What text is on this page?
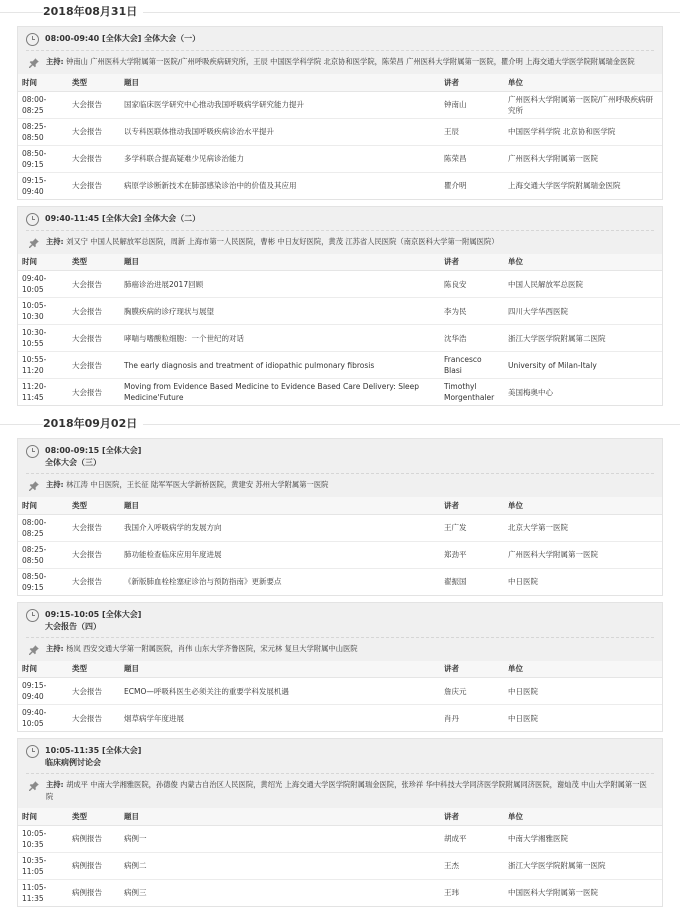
2018年08月31日
08:00-09:40 [全体大会] 全体大会（一）
主持: 钟南山 广州医科大学附属第一医院/广州呼吸疾病研究所，王辰 中国医学科学院 北京协和医学院，陈荣昌 广州医科大学附属第一医院，瞿介明 上海交通大学医学院附属瑞金医院
时间	类型	题目	讲者	单位
08:00-08:25	大会报告	国家临床医学研究中心推动我国呼吸病学研究能力提升	钟南山	广州医科大学附属第一医院/广州呼吸疾病研究所
08:25-08:50	大会报告	以专科医联体推动我国呼吸疾病诊治水平提升	王辰	中国医学科学院 北京协和医学院
08:50-09:15	大会报告	多学科联合提高疑难少见病诊治能力	陈荣昌	广州医科大学附属第一医院
09:15-09:40	大会报告	病原学诊断新技术在肺部感染诊治中的价值及其应用	瞿介明	上海交通大学医学院附属瑞金医院
09:40-11:45 [全体大会] 全体大会（二）
主持: 刘又宁 中国人民解放军总医院，周新 上海市第一人民医院，曹彬 中日友好医院，黄茂 江苏省人民医院（南京医科大学第一附属医院）
时间	类型	题目	讲者	单位
09:40-10:05	大会报告	肺癌诊治进展2017回顾	陈良安	中国人民解放军总医院
10:05-10:30	大会报告	胸膜疾病的诊疗现状与展望	李为民	四川大学华西医院
10:30-10:55	大会报告	哮喘与嗜酸粒细胞：一个世纪的对话	沈华浩	浙江大学医学院附属第二医院
10:55-11:20	大会报告	The early diagnosis and treatment of idiopathic pulmonary fibrosis	Francesco Blasi	University of Milan-Italy
11:20-11:45	大会报告	Moving from Evidence Based Medicine to Evidence Based Care Delivery: Sleep Medicine'Future	Timothyl Morgenthaler	美国梅奥中心
2018年09月02日
08:00-09:15 [全体大会]
全体大会（三）
主持: 林江涛 中日医院，王长征 陆军军医大学新桥医院，黄建安 苏州大学附属第一医院
时间	类型	题目	讲者	单位
08:00-08:25	大会报告	我国介入呼吸病学的发展方向	王广发	北京大学第一医院
08:25-08:50	大会报告	肺功能检查临床应用年度进展	郑劲平	广州医科大学附属第一医院
08:50-09:15	大会报告	《新版肺血栓栓塞症诊治与预防指南》更新要点	翟振国	中日医院
09:15-10:05 [全体大会]
大会报告（四）
主持: 杨岚 西安交通大学第一附属医院，肖伟 山东大学齐鲁医院，宋元林 复旦大学附属中山医院
时间	类型	题目	讲者	单位
09:15-09:40	大会报告	ECMO—呼吸科医生必须关注的重要学科发展机遇	詹庆元	中日医院
09:40-10:05	大会报告	烟草病学年度进展	肖丹	中日医院
10:05-11:35 [全体大会]
临床病例讨论会
主持: 胡成平 中南大学湘雅医院，孙德俊 内蒙古自治区人民医院，黄绍光 上海交通大学医学院附属瑞金医院，张珍祥 华中科技大学同济医学院附属同济医院，谢灿茂 中山大学附属第一医院
时间	类型	题目	讲者	单位
10:05-10:35	病例报告	病例一	胡成平	中南大学湘雅医院
10:35-11:05	病例报告	病例二	王杰	浙江大学医学院附属第一医院
11:05-11:35	病例报告	病例三	王玮	中国医科大学附属第一医院
